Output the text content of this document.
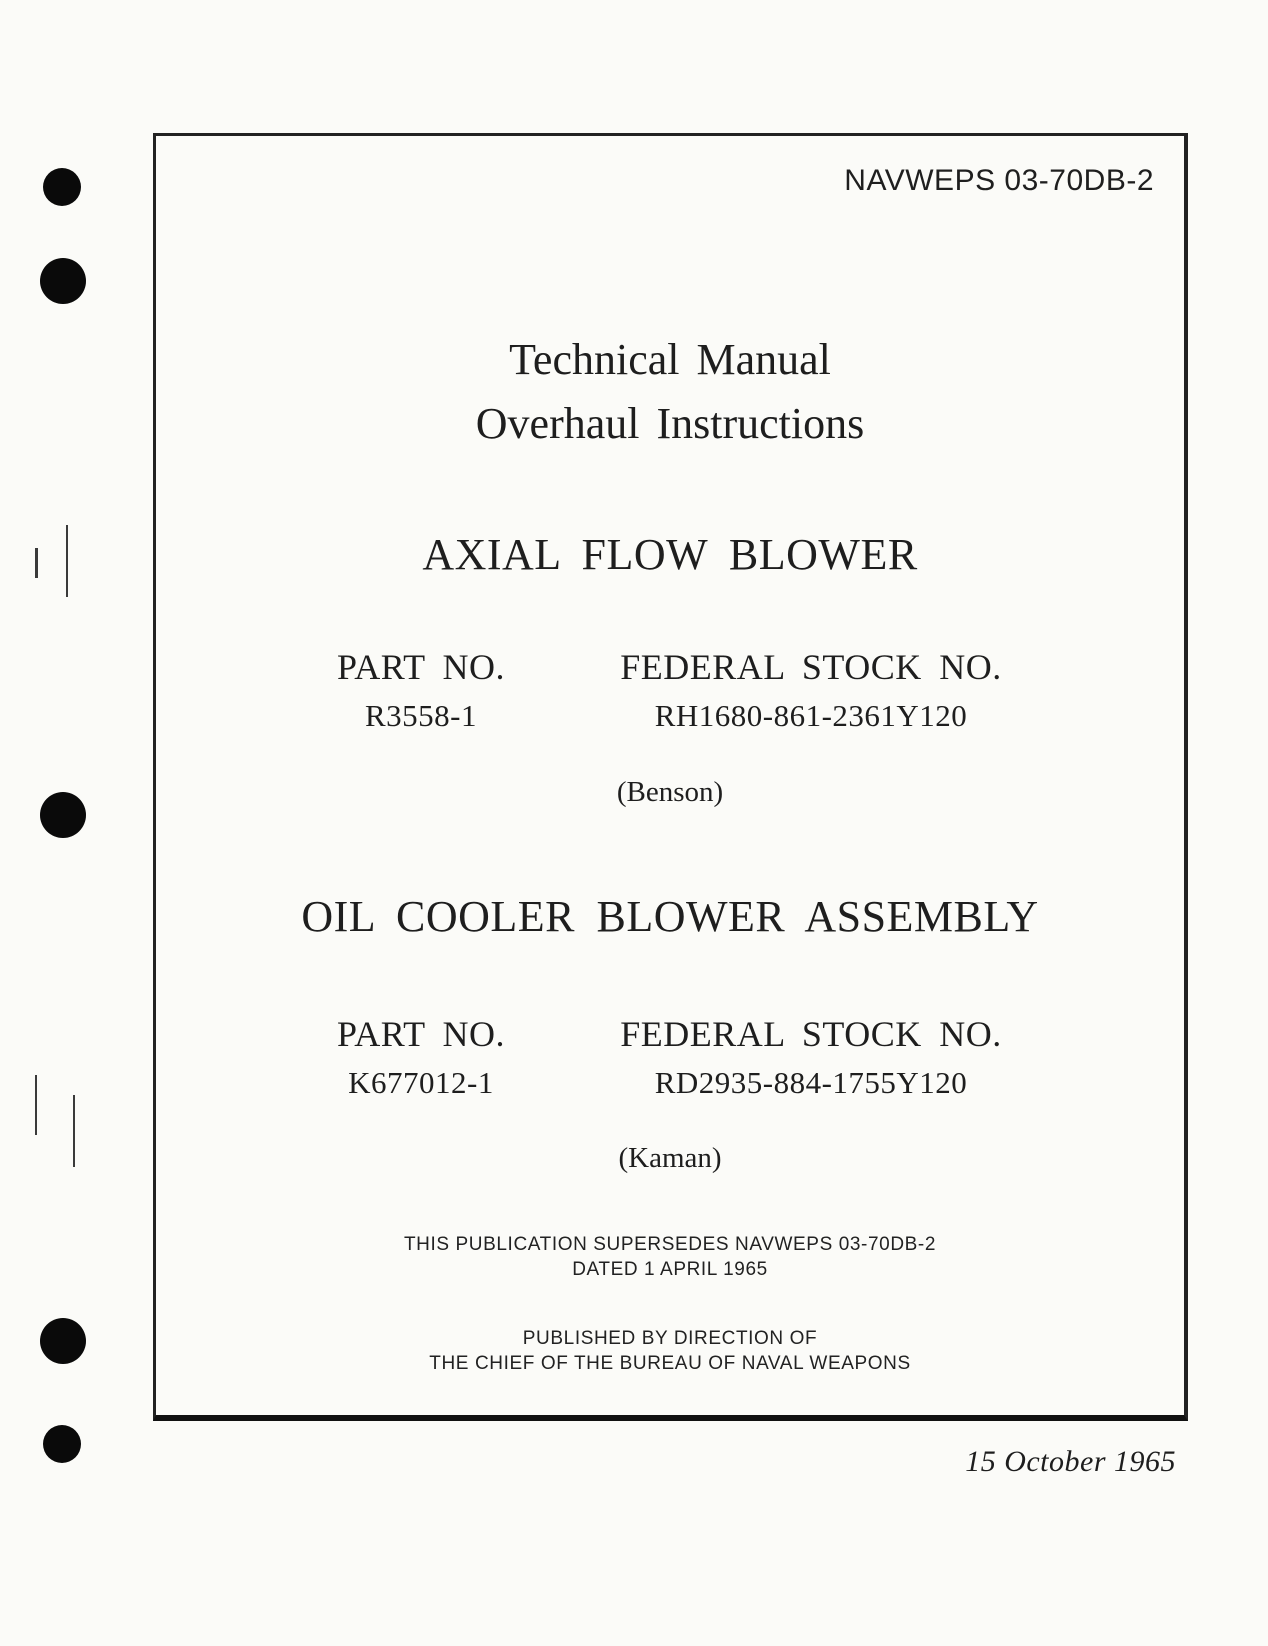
NAVWEPS 03-70DB-2
Technical Manual
Overhaul Instructions
AXIAL FLOW BLOWER
PART NO.
R3558-1
FEDERAL STOCK NO.
RH1680-861-2361Y120
(Benson)
OIL COOLER BLOWER ASSEMBLY
PART NO.
K677012-1
FEDERAL STOCK NO.
RD2935-884-1755Y120
(Kaman)
THIS PUBLICATION SUPERSEDES NAVWEPS 03-70DB-2
DATED 1 APRIL 1965
PUBLISHED BY DIRECTION OF
THE CHIEF OF THE BUREAU OF NAVAL WEAPONS
15 October 1965
